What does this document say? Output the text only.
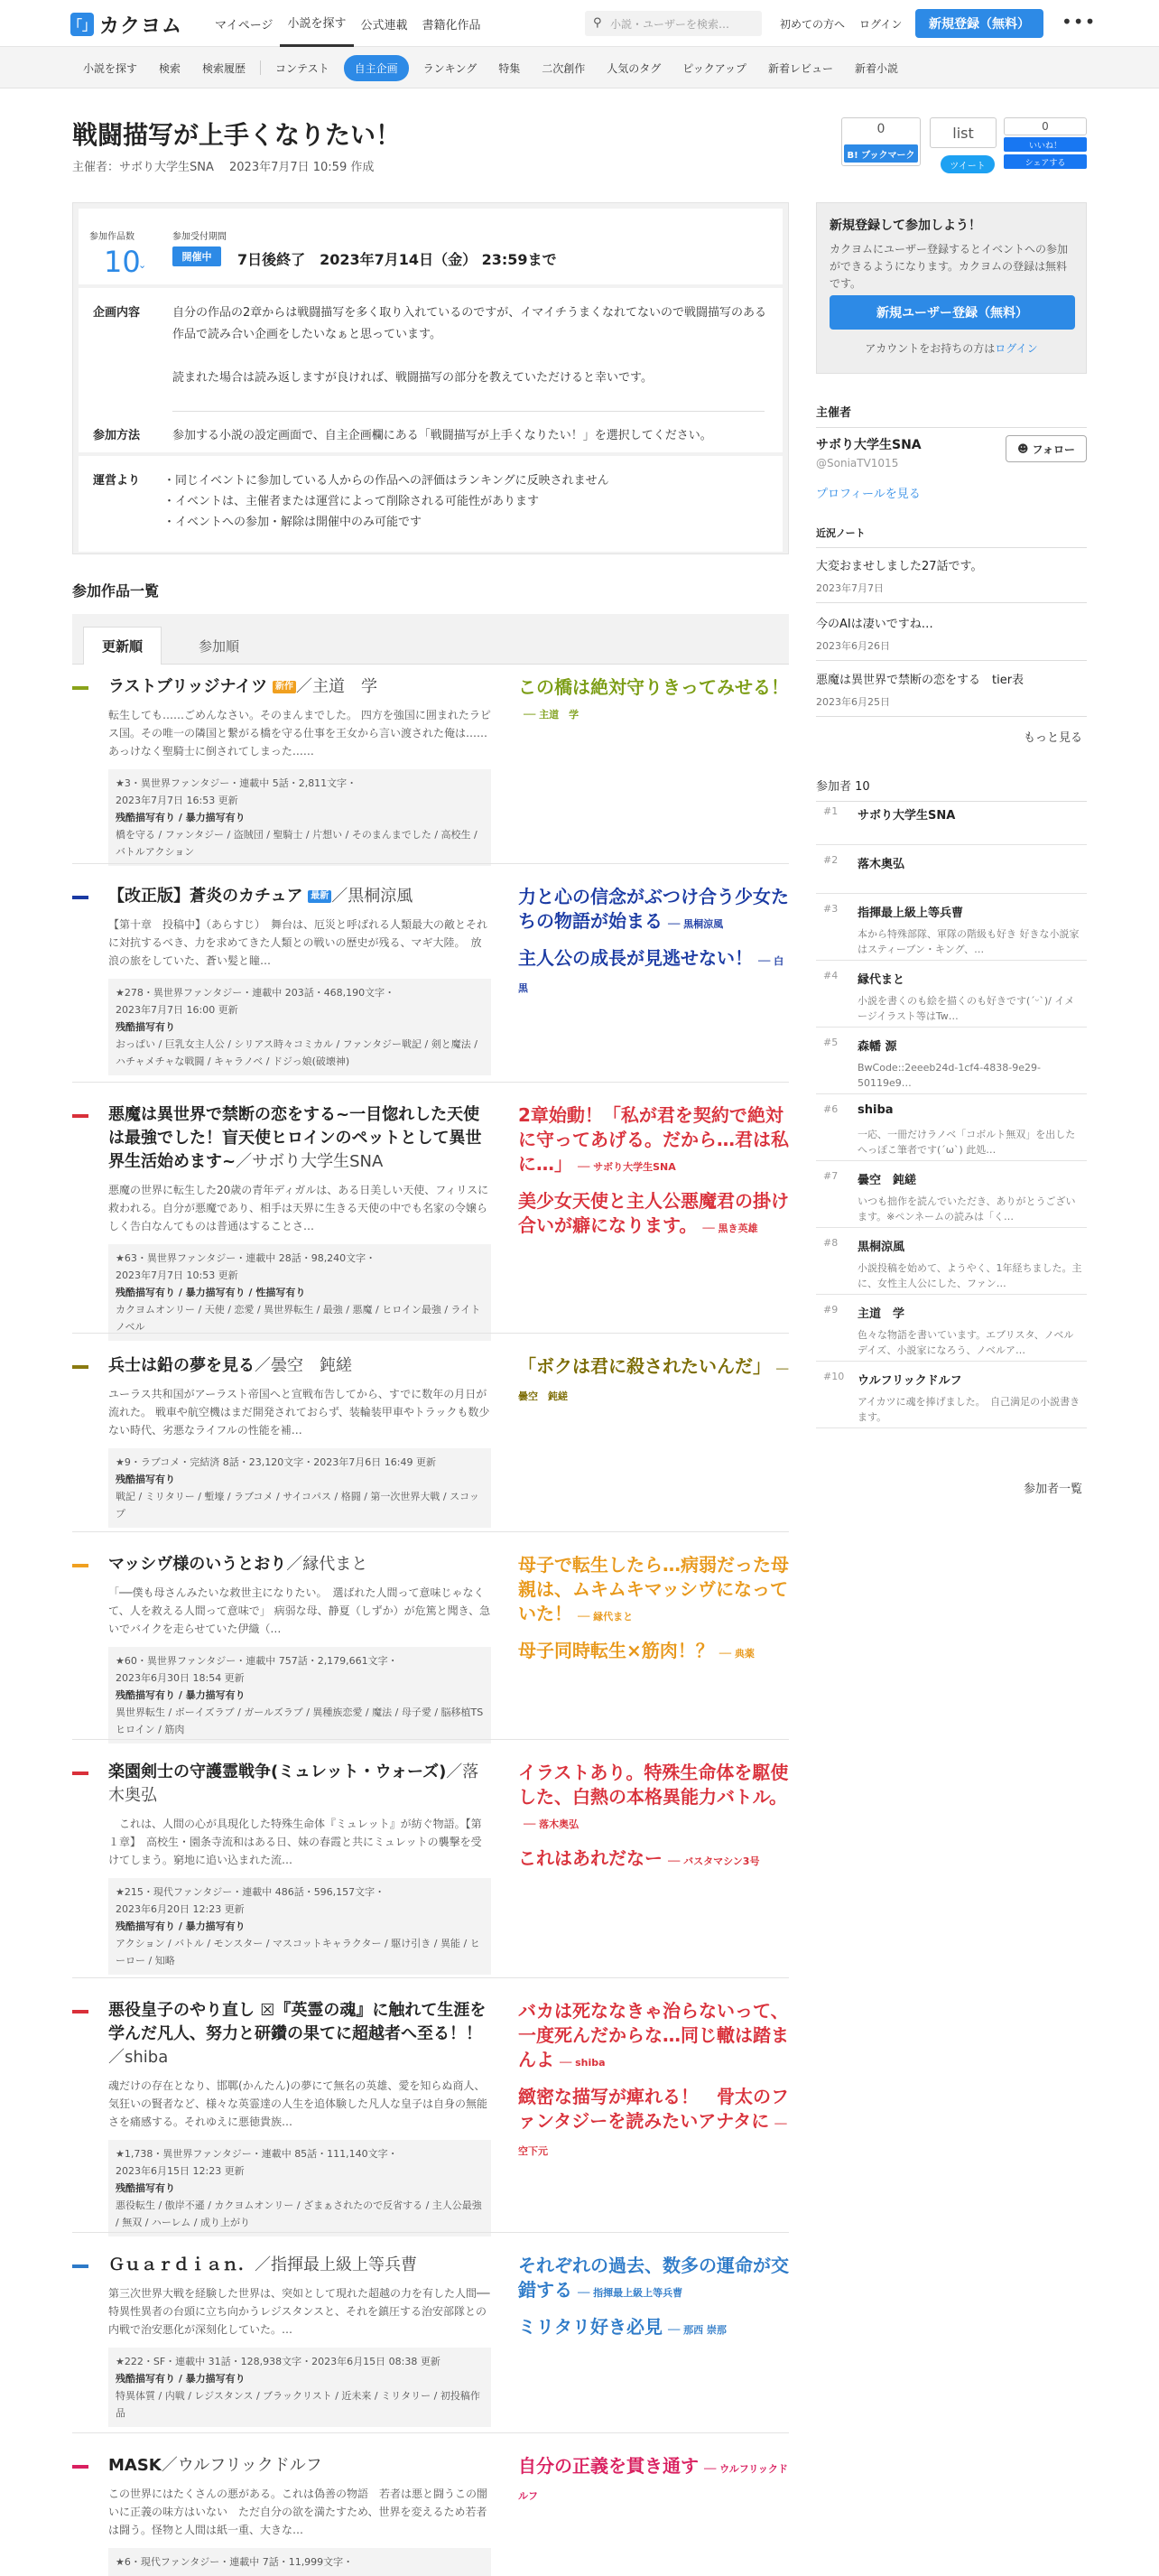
「」 カクヨム	マイページ	小説を探す	公式連載	書籍化作品	⚲ 小説・ユーザーを検索…	初めての方へ ログイン	新規登録（無料）	•••
小説を探す	検索	検索履歴	コンテスト	自主企画	ランキング	特集	二次創作	人気のタグ	ピックアップ	新着レビュー	新着小説
戦闘描写が上手くなりたい！
主催者：サボり大学生SNA　 2023年7月7日 10:59 作成
0
B! ブックマーク
list
ツイート
0
いいね！
シェアする
参加作品数
10
⌄
参加受付期間
開催中	7日後終了　2023年7月14日（金） 23:59まで
企画内容	自分の作品の2章からは戦闘描写を多く取り入れているのですが、イマイチうまくなれてないので戦闘描写のある作品で読み合い企画をしたいなぁと思っています。

読まれた場合は読み返しますが良ければ、戦闘描写の部分を教えていただけると幸いです。

参加方法	参加する小説の設定画面で、自主企画欄にある「戦闘描写が上手くなりたい！」を選択してください。
運営より ・同じイベントに参加している人からの作品への評価はランキングに反映されません
・イベントは、主催者または運営によって削除される可能性があります
・イベントへの参加・解除は開催中のみ可能です
参加作品一覧
更新順	参加順
ラストブリッジナイツ 新作 ／主道　学
転生しても……ごめんなさい。そのまんまでした。 四方を強国に囲まれたラピス国。その唯一の隣国と繋がる橋を守る仕事を王女から言い渡された俺は……あっけなく聖騎士に倒されてしまった……
★3・異世界ファンタジー・連載中 5話・2,811文字・
2023年7月7日 16:53 更新
残酷描写有り / 暴力描写有り
橋を守る / ファンタジー / 盗賊団 / 聖騎士 / 片想い / そのまんまでした / 高校生 / バトルアクション
この橋は絶対守りきってみせる！── 主道　学
【改正版】蒼炎のカチュア 最新 ／黒桐涼風
【第十章　投稿中】（あらすじ）　舞台は、厄災と呼ばれる人類最大の敵とそれに対抗するべき、力を求めてきた人類との戦いの歴史が残る、マギ大陸。　放浪の旅をしていた、蒼い髪と瞳…
★278・異世界ファンタジー・連載中 203話・468,190文字・
2023年7月7日 16:00 更新
残酷描写有り
おっぱい / 巨乳女主人公 / シリアス時々コミカル / ファンタジー戦記 / 剣と魔法 / ハチャメチャな戦闘 / キャラノベ / ドジっ娘(破壊神)
力と心の信念がぶつけ合う少女たちの物語が始まる ── 黒桐涼風
主人公の成長が見逃せない！ ── 白黒
悪魔は異世界で禁断の恋をする~一目惚れした天使は最強でした！盲天使ヒロインのペットとして異世界生活始めます~／サボり大学生SNA
悪魔の世界に転生した20歳の青年ディガルは、ある日美しい天使、フィリスに救われる。自分が悪魔であり、相手は天界に生きる天使の中でも名家の令嬢らしく告白なんてものは普通はすることさ…
★63・異世界ファンタジー・連載中 28話・98,240文字・
2023年7月7日 10:53 更新
残酷描写有り / 暴力描写有り / 性描写有り
カクヨムオンリー / 天使 / 恋愛 / 異世界転生 / 最強 / 悪魔 / ヒロイン最強 / ライトノベル
2章始動！「私が君を契約で絶対に守ってあげる。だから…君は私に…」 ── サボり大学生SNA
美少女天使と主人公悪魔君の掛け合いが癖になります。 ── 黒き英雄
兵士は鉛の夢を見る／曇空　鈍縒
ユーラス共和国がアーラスト帝国へと宣戦布告してから、すでに数年の月日が流れた。 戦車や航空機はまだ開発されておらず、装輪装甲車やトラックも数少ない時代、劣悪なライフルの性能を補…
★9・ラブコメ・完結済 8話・23,120文字・2023年7月6日 16:49 更新
残酷描写有り
戦記 / ミリタリー / 塹壕 / ラブコメ / サイコパス / 格闘 / 第一次世界大戦 / スコップ
「ボクは君に殺されたいんだ」 ── 曇空　鈍縒
マッシヴ様のいうとおり／縁代まと
「──僕も母さんみたいな救世主になりたい。　選ばれた人間って意味じゃなくて、人を救える人間って意味で」 病弱な母、静夏（しずか）が危篤と聞き、急いでバイクを走らせていた伊織（…
★60・異世界ファンタジー・連載中 757話・2,179,661文字・
2023年6月30日 18:54 更新
残酷描写有り / 暴力描写有り
異世界転生 / ボーイズラブ / ガールズラブ / 異種族恋愛 / 魔法 / 母子愛 / 脳移植TSヒロイン / 筋肉
母子で転生したら…病弱だった母親は、ムキムキマッシヴになっていた！ ── 縁代まと
母子同時転生×筋肉！？ ── 典薬
楽園剣士の守護霊戦争(ミュレット・ウォーズ)／落木奥弘
　これは、人間の心が具現化した特殊生命体『ミュレット』が紡ぐ物語。【第１章】　高校生・園条寺流和はある日、妹の春霞と共にミュレットの襲撃を受けてしまう。窮地に追い込まれた流…
★215・現代ファンタジー・連載中 486話・596,157文字・
2023年6月20日 12:23 更新
残酷描写有り / 暴力描写有り
アクション / バトル / モンスター / マスコットキャラクター / 駆け引き / 異能 / ヒーロー / 知略
イラストあり。特殊生命体を駆使した、白熱の本格異能力バトル。── 落木奥弘
これはあれだなー ── バスタマシン3号
悪役皇子のやり直し ☒『英霊の魂』に触れて生涯を学んだ凡人、努力と研鑽の果てに超越者へ至る！！／shiba
魂だけの存在となり、邯鄲(かんたん)の夢にて無名の英雄、愛を知らぬ商人、気狂いの賢者など、様々な英霊達の人生を追体験した凡人な皇子は自身の無能さを痛感する。それゆえに悪徳貴族…
★1,738・異世界ファンタジー・連載中 85話・111,140文字・
2023年6月15日 12:23 更新
残酷描写有り
悪役転生 / 傲岸不遜 / カクヨムオンリー / ざまぁされたので反省する / 主人公最強 / 無双 / ハーレム / 成り上がり
バカは死ななきゃ治らないって、一度死んだからな…同じ轍は踏まんよ ── shiba
緻密な描写が痺れる！　骨太のファンタジーを読みたいアナタに ── 空下元
Ｇｕａｒｄｉａｎ．／指揮最上級上等兵曹
第三次世界大戦を経験した世界は、突如として現れた超越の力を有した人間──特異性異者の台頭に立ち向かうレジスタンスと、それを鎮圧する治安部隊との内戦で治安悪化が深刻化していた。…
★222・SF・連載中 31話・128,938文字・2023年6月15日 08:38 更新
残酷描写有り / 暴力描写有り
特異体質 / 内戦 / レジスタンス / ブラックリスト / 近未来 / ミリタリー / 初投稿作品
それぞれの過去、数多の運命が交錯する ── 指揮最上級上等兵曹
ミリタリ好き必見 ── 那西 崇那
MASK／ウルフリックドルフ
この世界にはたくさんの悪がある。これは偽善の物語　若者は悪と闘うこの闇いに正義の味方はいない　ただ自分の欲を満たすため、世界を変えるため若者は闘う。怪物と人間は紙一重、大きな…
★6・現代ファンタジー・連載中 7話・11,999文字・
自分の正義を貫き通す ── ウルフリックドルフ
新規登録して参加しよう！

カクヨムにユーザー登録するとイベントへの参加ができるようになります。カクヨムの登録は無料です。

新規ユーザー登録（無料）
アカウントをお持ちの方はログイン
主催者
サボり大学生SNA
@SoniaTV1015
☻ フォロー
プロフィールを見る
近況ノート
大変おませしました27話です。
2023年7月7日
今のAIは凄いですね…
2023年6月26日
悪魔は異世界で禁断の恋をする　tier表
2023年6月25日
もっと見る
参加者 10
#1 サボり大学生SNA
#2 落木奥弘
#3 指揮最上級上等兵曹
本から特殊部隊、軍隊の階級も好き 好きな小説家はスティーブン・キング、…
#4 縁代まと
小説を書くのも絵を描くのも好きです(ˊᵕˋ)/ イメージイラスト等はTw…
#5 森幡 源
BwCode::2eeeb24d-1cf4-4838-9e29-50119e9…
#6 shiba
一応、一冊だけラノベ「コボルト無双」を出したへっぽこ筆者です(´ω`) 此処…
#7 曇空　鈍縒
いつも拙作を読んでいただき、ありがとうございます。※ペンネームの読みは「く…
#8 黒桐涼風
小説投稿を始めて、ようやく、1年経ちました。主に、女性主人公にした、ファン…
#9 主道　学
色々な物語を書いています。エブリスタ、ノベルデイズ、小説家になろう、ノベルア…
#10 ウルフリックドルフ
アイカツに魂を捧げました。　自己満足の小説書きます。
参加者一覧
